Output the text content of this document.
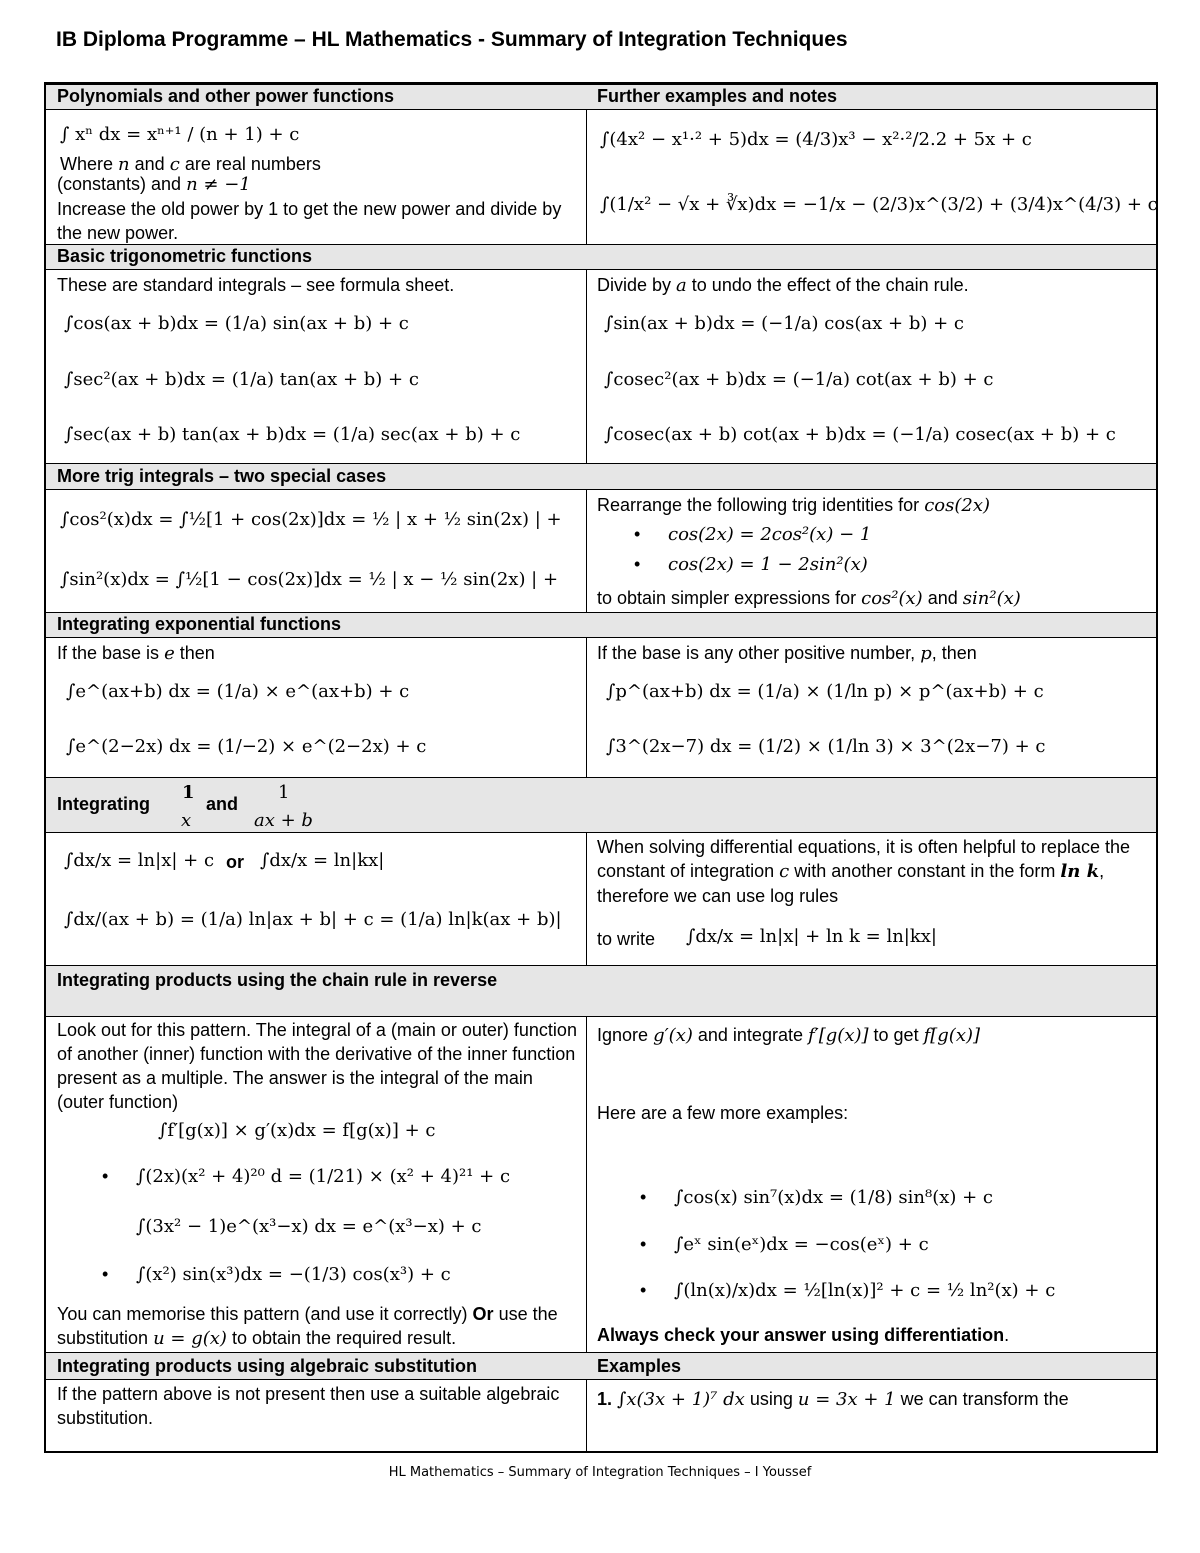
IB Diploma Programme – HL Mathematics - Summary of Integration Techniques
Polynomials and other power functions	Further examples and notes
∫ xⁿ dx = xⁿ⁺¹ / (n + 1) + c
Where n and c are real numbers
(constants) and n ≠ −1
Increase the old power by 1 to get the new power and divide by the new power.
∫(4x² − x¹·² + 5)dx = (4/3)x³ − x²·²/2.2 + 5x + c
∫(1/x² − √x + ∛x)dx = −1/x − (2/3)x^(3/2) + (3/4)x^(4/3) + c
Basic trigonometric functions
These are standard integrals – see formula sheet.
∫cos(ax + b)dx = (1/a) sin(ax + b) + c
∫sec²(ax + b)dx = (1/a) tan(ax + b) + c
∫sec(ax + b) tan(ax + b)dx = (1/a) sec(ax + b) + c
Divide by a to undo the effect of the chain rule.
∫sin(ax + b)dx = (−1/a) cos(ax + b) + c
∫cosec²(ax + b)dx = (−1/a) cot(ax + b) + c
∫cosec(ax + b) cot(ax + b)dx = (−1/a) cosec(ax + b) + c
More trig integrals – two special cases
∫cos²(x)dx = ∫½[1 + cos(2x)]dx = ½ | x + ½ sin(2x) | +
∫sin²(x)dx = ∫½[1 − cos(2x)]dx = ½ | x − ½ sin(2x) | +
Rearrange the following trig identities for cos(2x)
• cos(2x) = 2cos²(x) − 1
• cos(2x) = 1 − 2sin²(x)
to obtain simpler expressions for cos²(x) and sin²(x)
Integrating exponential functions
If the base is e then
∫e^(ax+b) dx = (1/a) × e^(ax+b) + c
∫e^(2−2x) dx = (1/−2) × e^(2−2x) + c
If the base is any other positive number, p, then
∫p^(ax+b) dx = (1/a) × (1/ln p) × p^(ax+b) + c
∫3^(2x−7) dx = (1/2) × (1/ln 3) × 3^(2x−7) + c
Integrating
1
x
and
1
ax + b
∫dx/x = ln|x| + c or ∫dx/x = ln|kx|
∫dx/(ax + b) = (1/a) ln|ax + b| + c = (1/a) ln|k(ax + b)|
When solving differential equations, it is often helpful to replace the constant of integration c with another constant in the form ln k, therefore we can use log rules
to write ∫dx/x = ln|x| + ln k = ln|kx|
Integrating products using the chain rule in reverse
Look out for this pattern. The integral of a (main or outer) function of another (inner) function with the derivative of the inner function present as a multiple. The answer is the integral of the main (outer function)
∫f′[g(x)] × g′(x)dx = f[g(x)] + c
• ∫(2x)(x² + 4)²⁰ d = (1/21) × (x² + 4)²¹ + c
∫(3x² − 1)e^(x³−x) dx = e^(x³−x) + c
• ∫(x²) sin(x³)dx = −(1/3) cos(x³) + c
You can memorise this pattern (and use it correctly) Or use the substitution u = g(x) to obtain the required result.
Ignore g′(x) and integrate f′[g(x)] to get f[g(x)]
Here are a few more examples:
• ∫cos(x) sin⁷(x)dx = (1/8) sin⁸(x) + c
• ∫eˣ sin(eˣ)dx = −cos(eˣ) + c
• ∫(ln(x)/x)dx = ½[ln(x)]² + c = ½ ln²(x) + c
Always check your answer using differentiation.
Integrating products using algebraic substitution	Examples
If the pattern above is not present then use a suitable algebraic substitution.
1. ∫x(3x + 1)⁷ dx using u = 3x + 1 we can transform the
HL Mathematics – Summary of Integration Techniques – I Youssef
